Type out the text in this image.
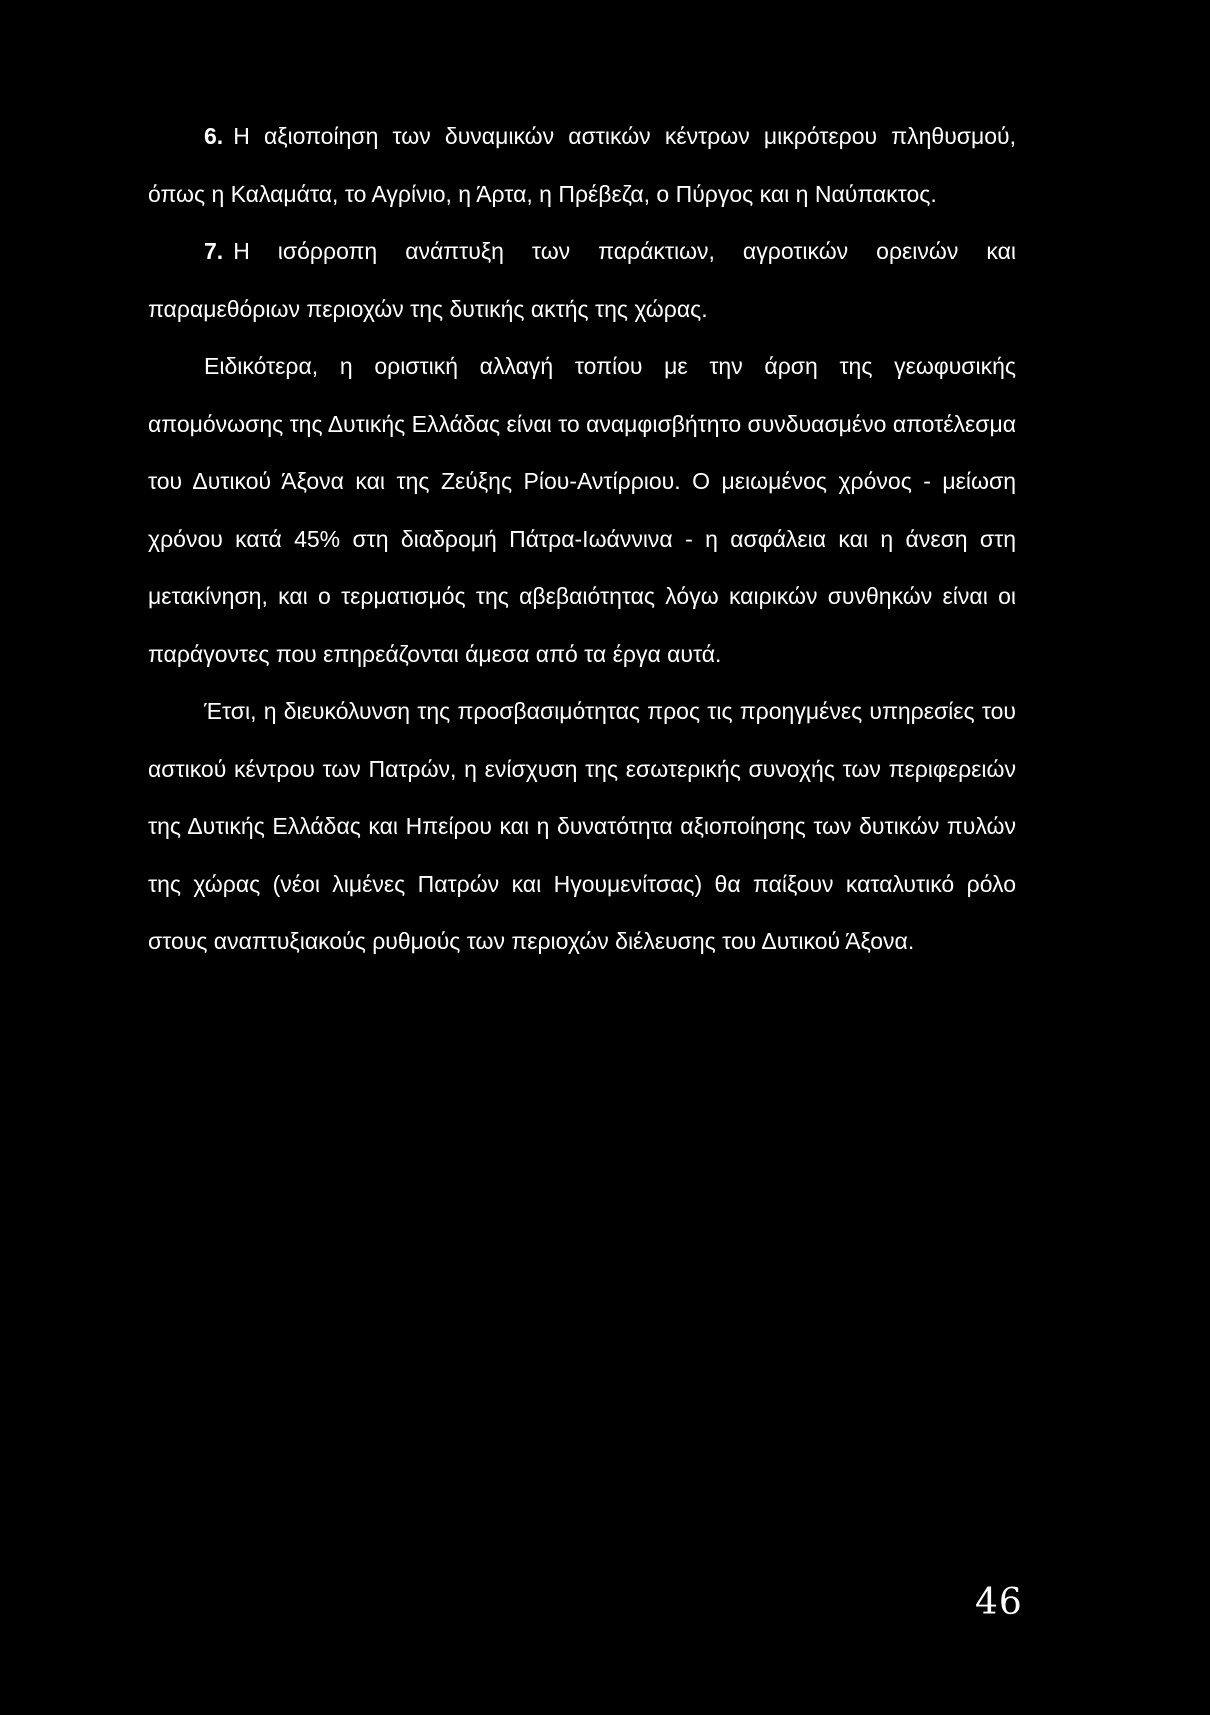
6. Η αξιοποίηση των δυναμικών αστικών κέντρων μικρότερου πληθυσμού, όπως η Καλαμάτα, το Αγρίνιο, η Άρτα, η Πρέβεζα, ο Πύργος και η Ναύπακτος.

7. Η ισόρροπη ανάπτυξη των παράκτιων, αγροτικών ορεινών και παραμεθόριων περιοχών της δυτικής ακτής της χώρας.

Ειδικότερα, η οριστική αλλαγή τοπίου με την άρση της γεωφυσικής απομόνωσης της Δυτικής Ελλάδας είναι το αναμφισβήτητο συνδυασμένο αποτέλεσμα του Δυτικού Άξονα και της Ζεύξης Ρίου-Αντίρριου. Ο μειωμένος χρόνος - μείωση χρόνου κατά 45% στη διαδρομή Πάτρα-Ιωάννινα - η ασφάλεια και η άνεση στη μετακίνηση, και ο τερματισμός της αβεβαιότητας λόγω καιρικών συνθηκών είναι οι παράγοντες που επηρεάζονται άμεσα από τα έργα αυτά.

Έτσι, η διευκόλυνση της προσβασιμότητας προς τις προηγμένες υπηρεσίες του αστικού κέντρου των Πατρών, η ενίσχυση της εσωτερικής συνοχής των περιφερειών της Δυτικής Ελλάδας και Ηπείρου και η δυνατότητα αξιοποίησης των δυτικών πυλών της χώρας (νέοι λιμένες Πατρών και Ηγουμενίτσας) θα παίξουν καταλυτικό ρόλο στους αναπτυξιακούς ρυθμούς των περιοχών διέλευσης του Δυτικού Άξονα.

46
